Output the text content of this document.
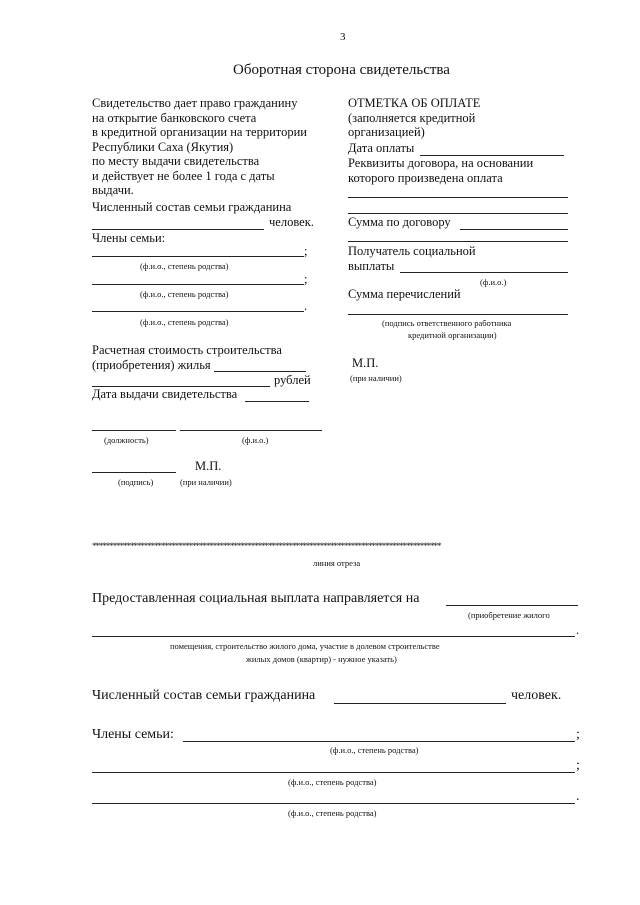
3
Оборотная сторона свидетельства
Свидетельство дает право гражданину
на открытие банковского счета
в кредитной организации на территории
Республики Саха (Якутия)
по месту выдачи свидетельства
и действует не более 1 года с даты
выдачи.
Численный состав семьи гражданина
человек.
Члены семьи:
;
(ф.и.о., степень родства)
;
(ф.и.о., степень родства)
.
(ф.и.о., степень родства)
Расчетная стоимость строительства
(приобретения) жилья
рублей
Дата выдачи свидетельства
(должность)	(ф.и.о.)
М.П.
(подпись)	(при наличии)
ОТМЕТКА ОБ ОПЛАТЕ
(заполняется кредитной
организацией)
Дата оплаты
Реквизиты договора, на основании
которого произведена оплата
Сумма по договору
Получатель социальной
выплаты
(ф.и.о.)
Сумма перечислений
(подпись ответственного работника
кредитной организации)
М.П.
(при наличии)
*****************************************************************************************************
линия отреза
Предоставленная социальная выплата направляется на
(приобретение жилого
.
помещения, строительство жилого дома, участие в долевом строительстве
жилых домов (квартир) - нужное указать)
Численный состав семьи гражданина	человек.
Члены семьи:	;
(ф.и.о., степень родства)
;
(ф.и.о., степень родства)
.
(ф.и.о., степень родства)
